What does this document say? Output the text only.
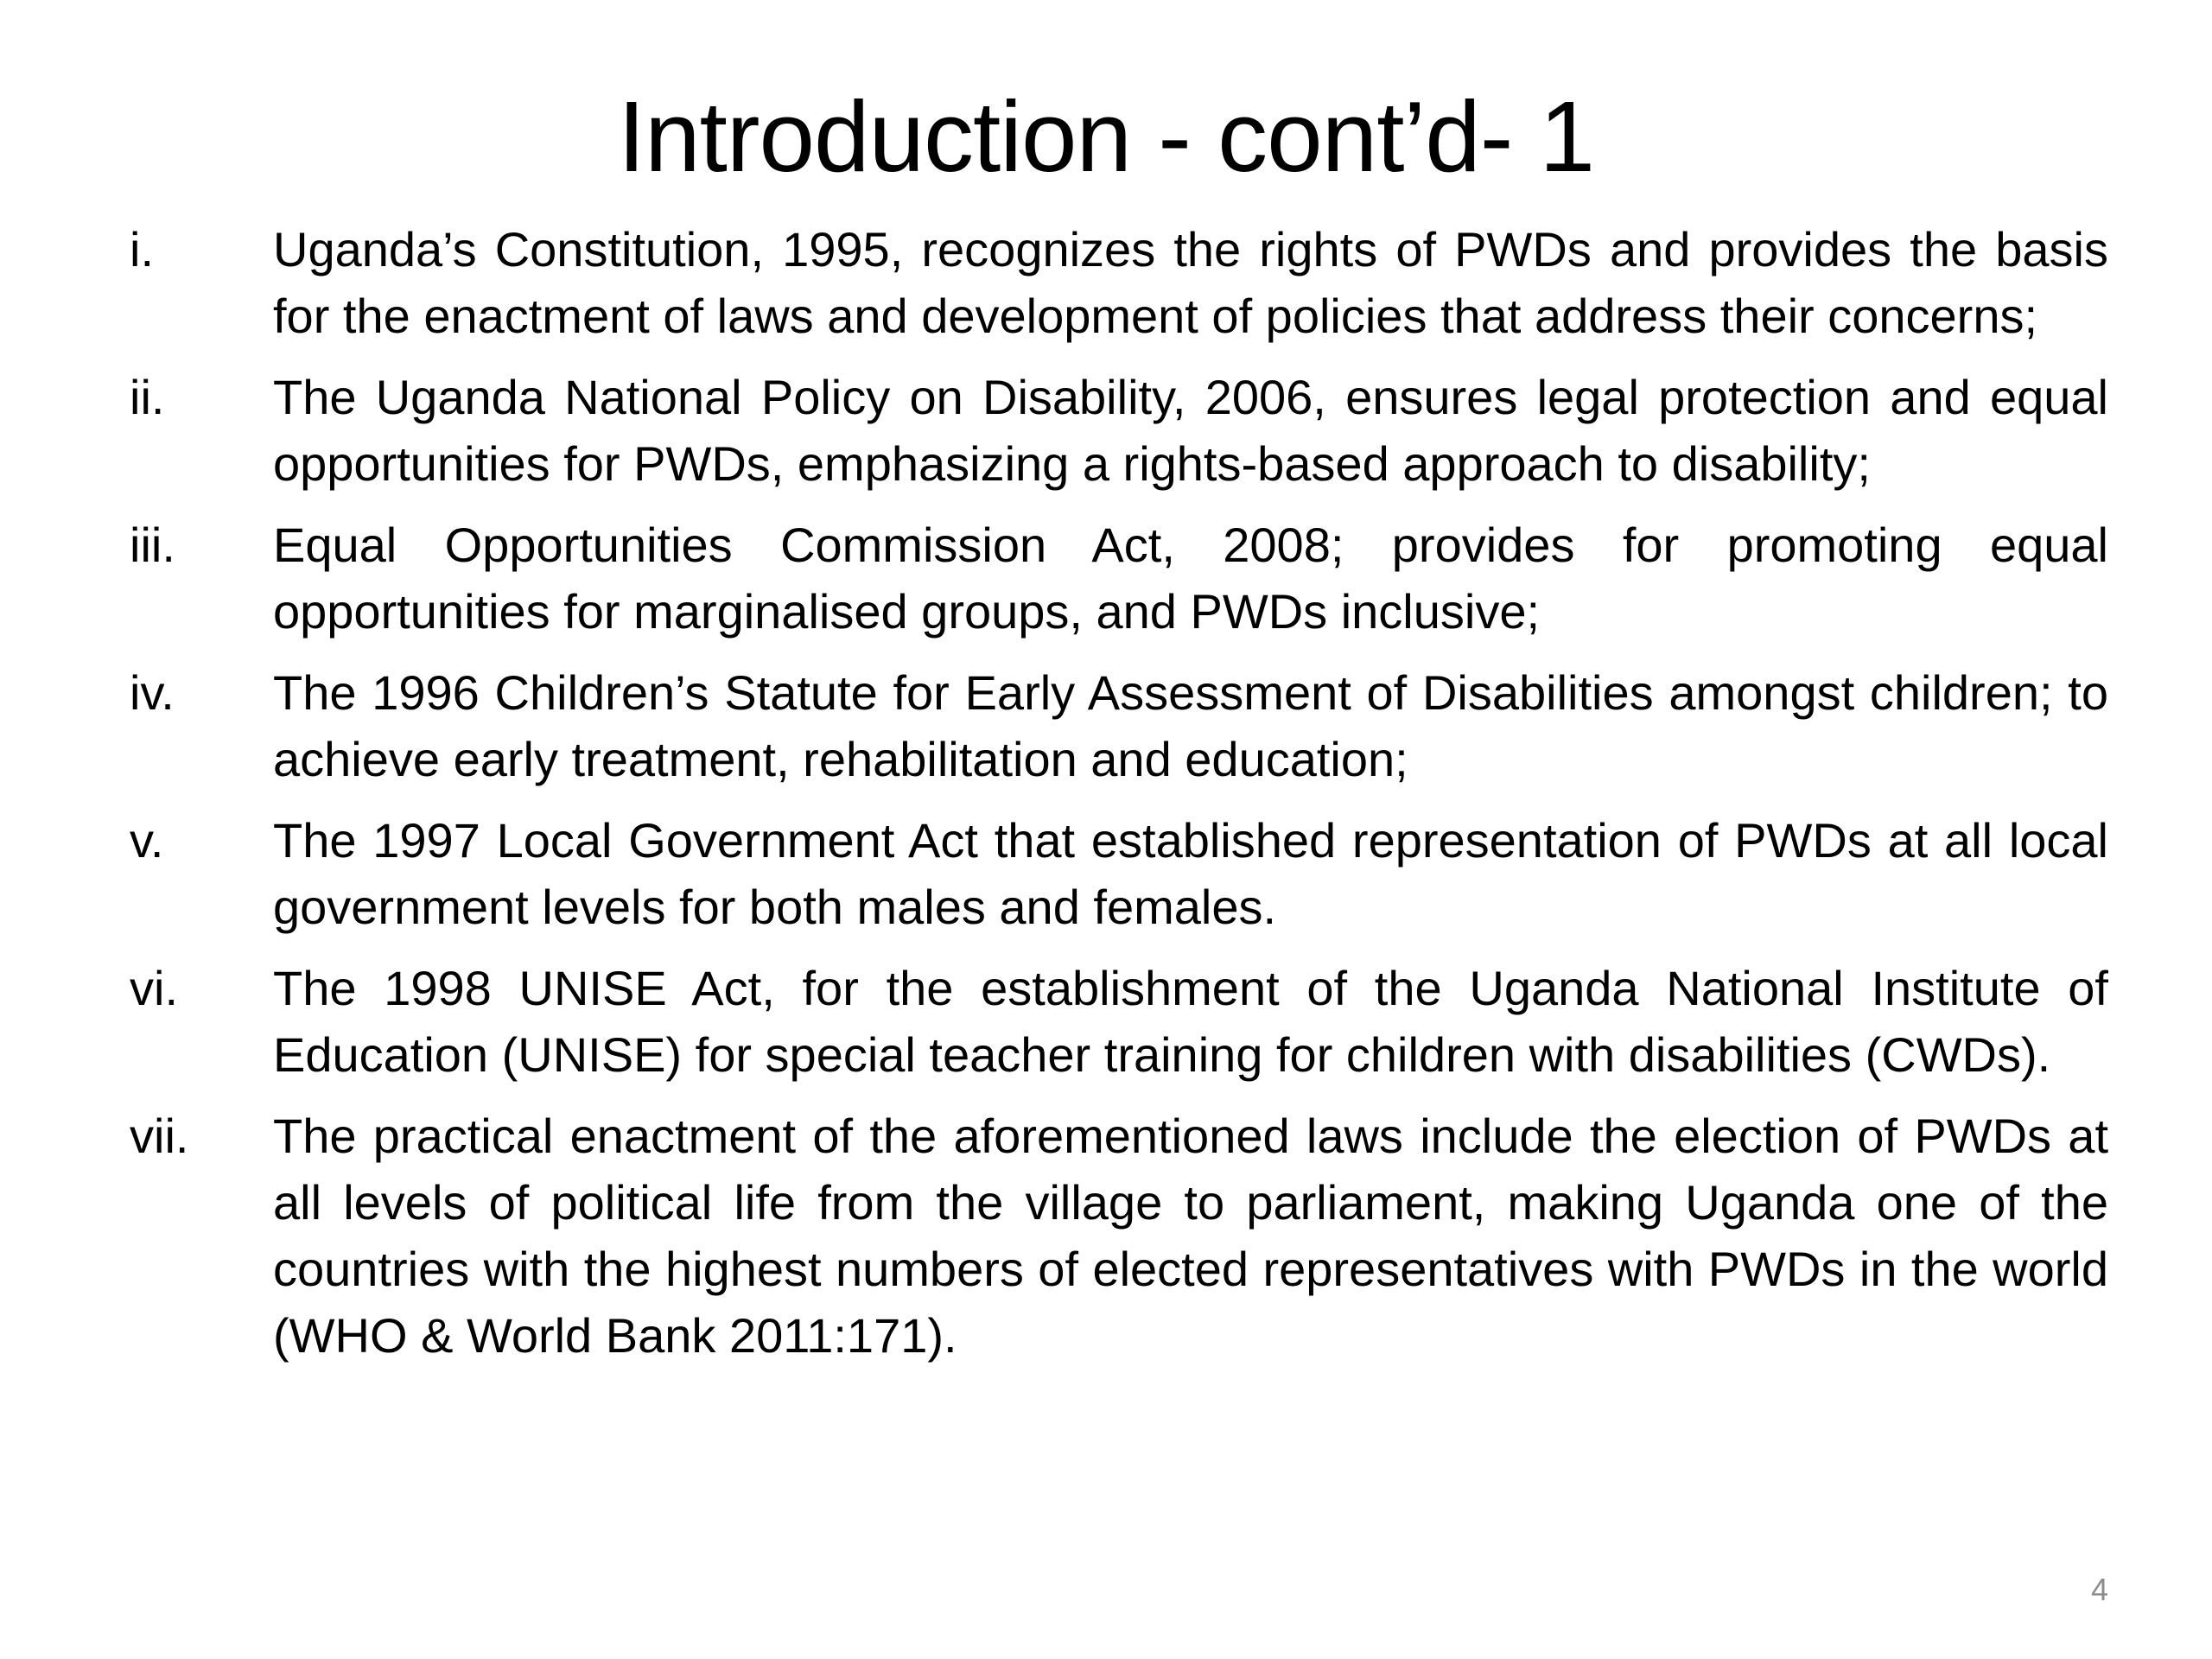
Introduction - cont’d- 1
i.	Uganda’s Constitution, 1995, recognizes the rights of PWDs and provides the basis for the enactment of laws and development of policies that address their concerns;
ii.	The Uganda National Policy on Disability, 2006, ensures legal protection and equal opportunities for PWDs, emphasizing a rights-based approach to disability;
iii.	Equal Opportunities Commission Act, 2008; provides for promoting equal opportunities for marginalised groups, and PWDs inclusive;
iv.	The 1996 Children’s Statute for Early Assessment of Disabilities amongst children; to achieve early treatment, rehabilitation and education;
v.	The 1997 Local Government Act that established representation of PWDs at all local government levels for both males and females.
vi.	The 1998 UNISE Act, for the establishment of the Uganda National Institute of Education (UNISE) for special teacher training for children with disabilities (CWDs).
vii.	The practical enactment of the aforementioned laws include the election of PWDs at all levels of political life from the village to parliament, making Uganda one of the countries with the highest numbers of elected representatives with PWDs in the world (WHO & World Bank 2011:171).
4
